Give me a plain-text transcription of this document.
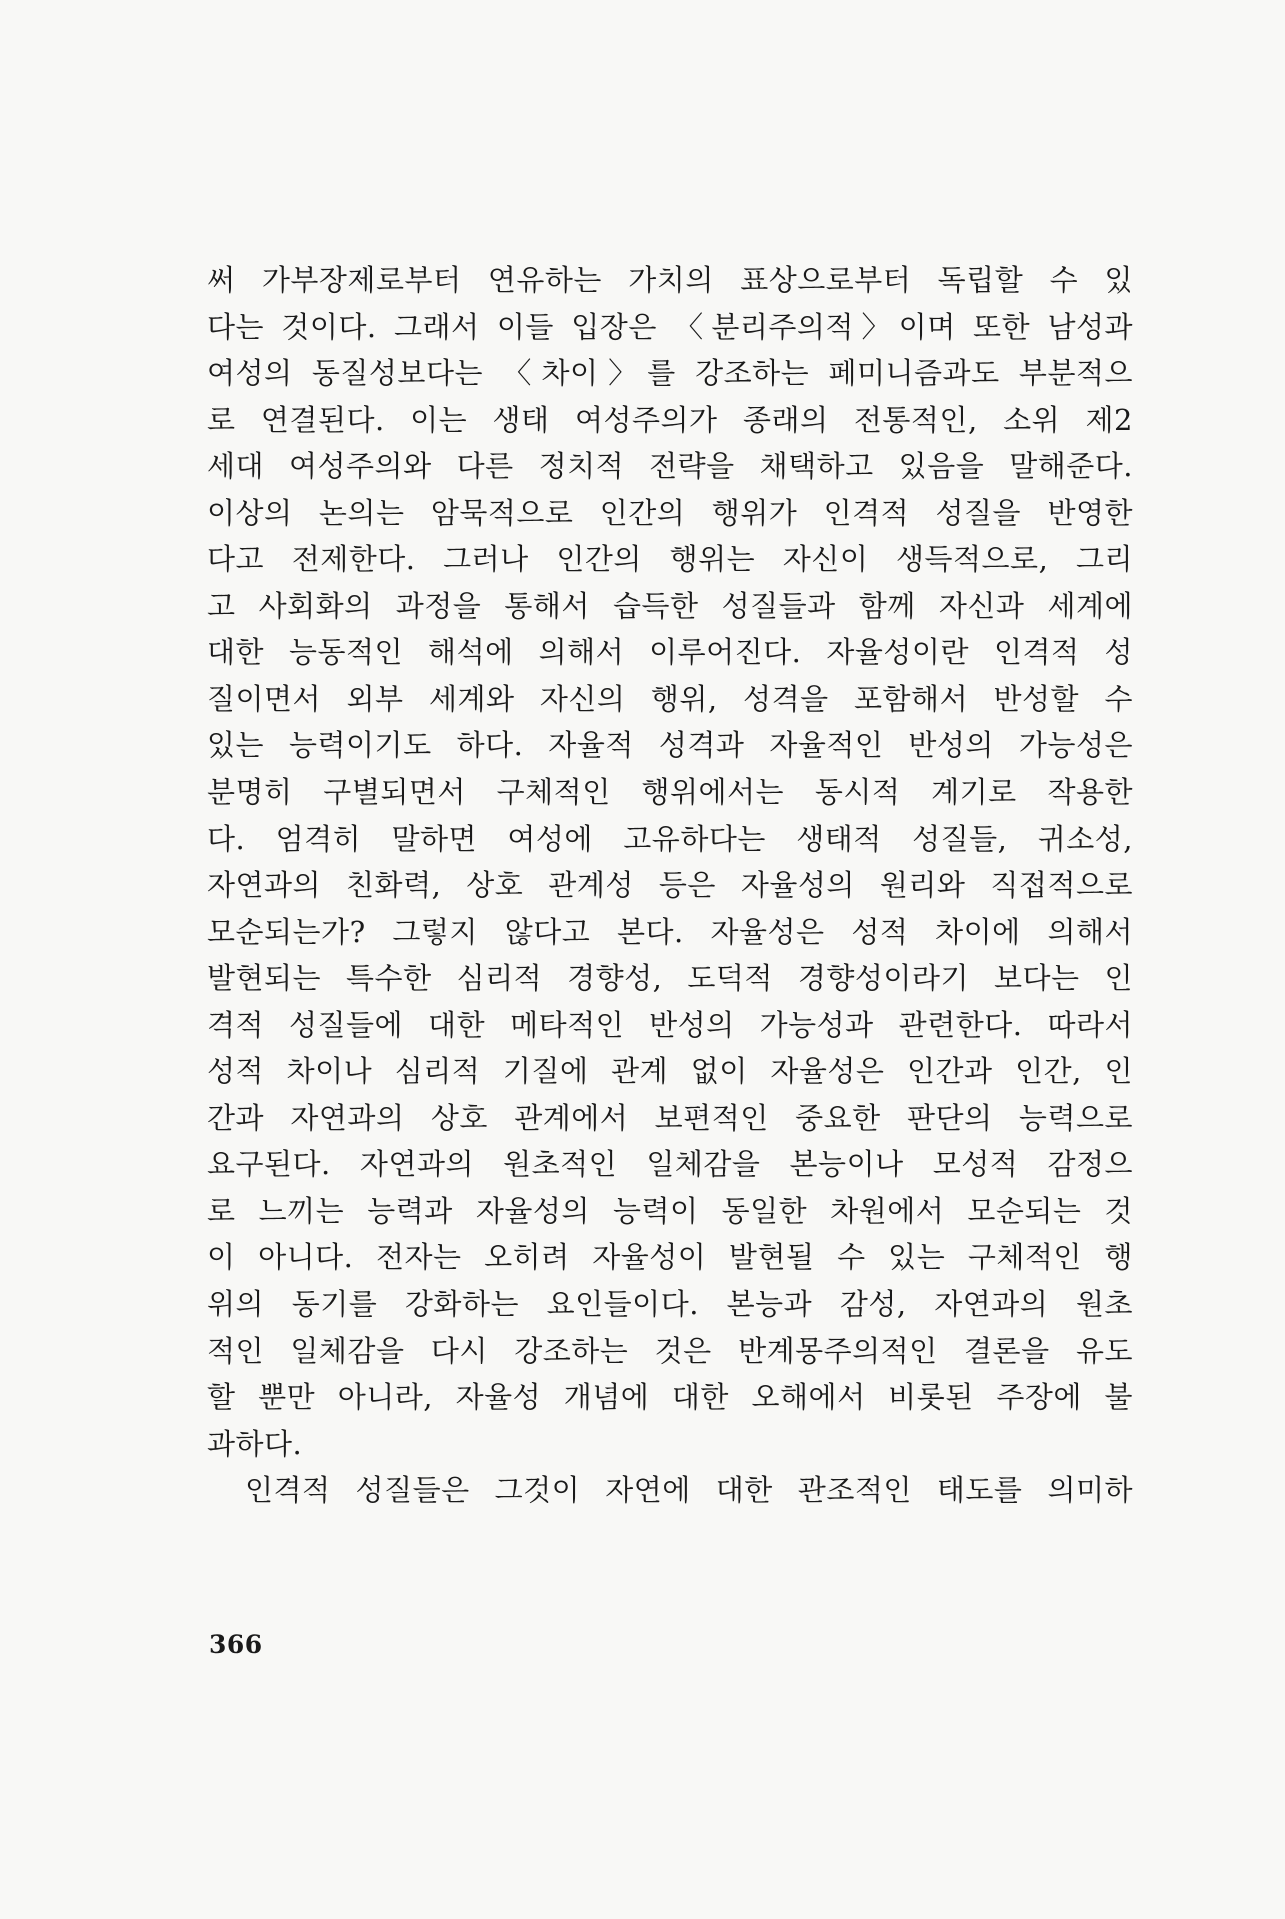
써 가부장제로부터 연유하는 가치의 표상으로부터 독립할 수 있
다는 것이다. 그래서 이들 입장은 〈분리주의적〉이며 또한 남성과
여성의 동질성보다는 〈차이〉를 강조하는 페미니즘과도 부분적으
로 연결된다. 이는 생태 여성주의가 종래의 전통적인, 소위 제2
세대 여성주의와 다른 정치적 전략을 채택하고 있음을 말해준다.
이상의 논의는 암묵적으로 인간의 행위가 인격적 성질을 반영한
다고 전제한다. 그러나 인간의 행위는 자신이 생득적으로, 그리
고 사회화의 과정을 통해서 습득한 성질들과 함께 자신과 세계에
대한 능동적인 해석에 의해서 이루어진다. 자율성이란 인격적 성
질이면서 외부 세계와 자신의 행위, 성격을 포함해서 반성할 수
있는 능력이기도 하다. 자율적 성격과 자율적인 반성의 가능성은
분명히 구별되면서 구체적인 행위에서는 동시적 계기로 작용한
다. 엄격히 말하면 여성에 고유하다는 생태적 성질들, 귀소성,
자연과의 친화력, 상호 관계성 등은 자율성의 원리와 직접적으로
모순되는가? 그렇지 않다고 본다. 자율성은 성적 차이에 의해서
발현되는 특수한 심리적 경향성, 도덕적 경향성이라기 보다는 인
격적 성질들에 대한 메타적인 반성의 가능성과 관련한다. 따라서
성적 차이나 심리적 기질에 관계 없이 자율성은 인간과 인간, 인
간과 자연과의 상호 관계에서 보편적인 중요한 판단의 능력으로
요구된다. 자연과의 원초적인 일체감을 본능이나 모성적 감정으
로 느끼는 능력과 자율성의 능력이 동일한 차원에서 모순되는 것
이 아니다. 전자는 오히려 자율성이 발현될 수 있는 구체적인 행
위의 동기를 강화하는 요인들이다. 본능과 감성, 자연과의 원초
적인 일체감을 다시 강조하는 것은 반계몽주의적인 결론을 유도
할 뿐만 아니라, 자율성 개념에 대한 오해에서 비롯된 주장에 불
과하다.
인격적 성질들은 그것이 자연에 대한 관조적인 태도를 의미하
366
